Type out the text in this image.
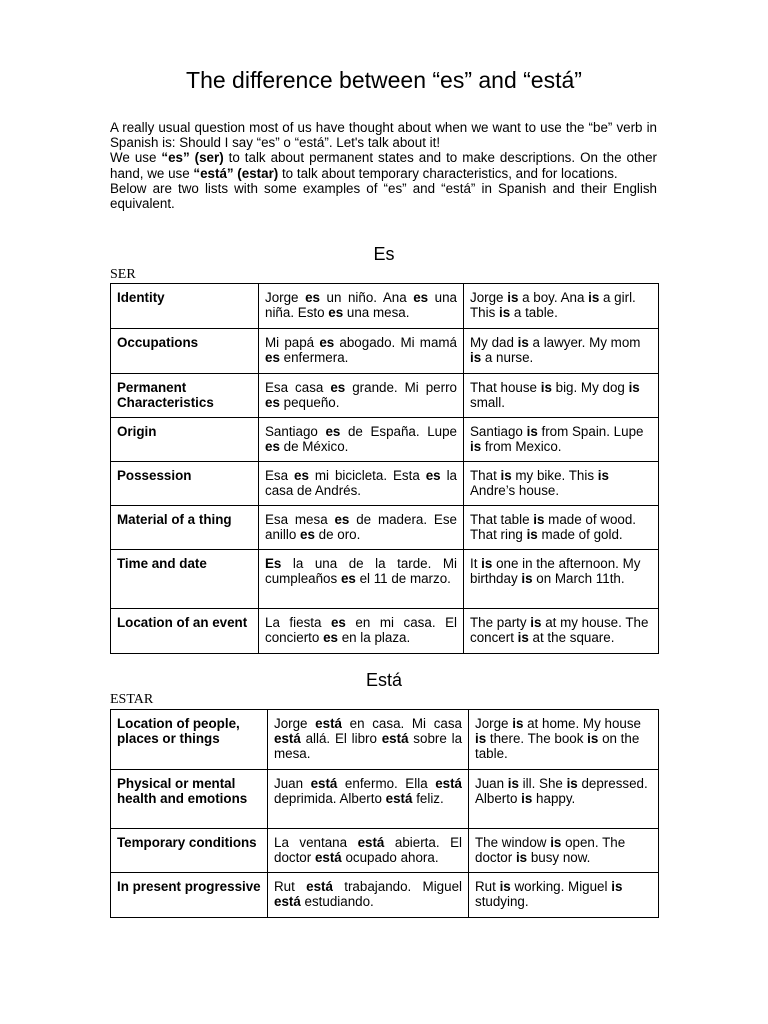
The difference between “es” and “está”

A really usual question most of us have thought about when we want to use the “be” verb in Spanish is: Should I say “es” o “está”. Let's talk about it!

We use “es” (ser) to talk about permanent states and to make descriptions. On the other hand, we use “está” (estar) to talk about temporary characteristics, and for locations.

Below are two lists with some examples of “es” and “está” in Spanish and their English equivalent.

Es
SER
Identity	Jorge es un niño. Ana es una niña. Esto es una mesa.	Jorge is a boy. Ana is a girl. This is a table.
Occupations	Mi papá es abogado. Mi mamá es enfermera.	My dad is a lawyer. My mom is a nurse.
Permanent Characteristics	Esa casa es grande. Mi perro es pequeño.	That house is big. My dog is small.
Origin	Santiago es de España. Lupe es de México.	Santiago is from Spain. Lupe is from Mexico.
Possession	Esa es mi bicicleta. Esta es la casa de Andrés.	That is my bike. This is Andre’s house.
Material of a thing	Esa mesa es de madera. Ese anillo es de oro.	That table is made of wood. That ring is made of gold.
Time and date	Es la una de la tarde. Mi cumpleaños es el 11 de marzo.	It is one in the afternoon. My birthday is on March 11th.
Location of an event	La fiesta es en mi casa. El concierto es en la plaza.	The party is at my house. The concert is at the square.
Está
ESTAR
Location of people, places or things	Jorge está en casa. Mi casa está allá. El libro está sobre la mesa.	Jorge is at home. My house is there. The book is on the table.
Physical or mental health and emotions	Juan está enfermo. Ella está deprimida. Alberto está feliz.	Juan is ill. She is depressed. Alberto is happy.
Temporary conditions	La ventana está abierta. El doctor está ocupado ahora.	The window is open. The doctor is busy now.
In present progressive	Rut está trabajando. Miguel está estudiando.	Rut is working. Miguel is studying.
